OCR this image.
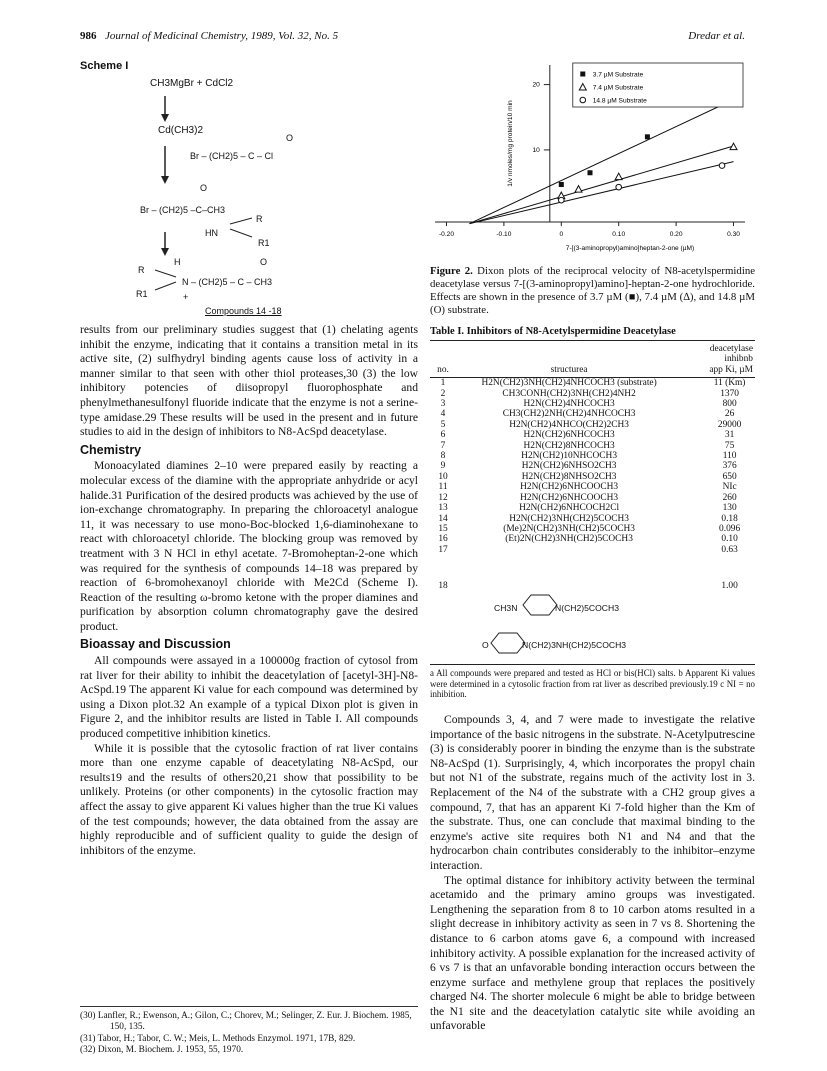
986 Journal of Medicinal Chemistry, 1989, Vol. 32, No. 5	Dredar et al.
Scheme I
CH3MgBr + CdCl2
Cd(CH3)2
O
Br – (CH2)5 – C – Cl
O
Br – (CH2)5 –C–CH3
R
HN
R1
H	O
R
N – (CH2)5 – C – CH3
R1	+
Compounds 14 -18

results from our preliminary studies suggest that (1) chelating agents inhibit the enzyme, indicating that it contains a transition metal in its active site, (2) sulfhydryl binding agents cause loss of activity in a manner similar to that seen with other thiol proteases,30 (3) the low inhibitory potencies of diisopropyl fluorophosphate and phenylmethanesulfonyl fluoride indicate that the enzyme is not a serine-type amidase.29 These results will be used in the present and in future studies to aid in the design of inhibitors to N8-AcSpd deacetylase.

Chemistry

Monoacylated diamines 2–10 were prepared easily by reacting a molecular excess of the diamine with the appropriate anhydride or acyl halide.31 Purification of the desired products was achieved by the use of ion-exchange chromatography. In preparing the chloroacetyl analogue 11, it was necessary to use mono-Boc-blocked 1,6-diaminohexane to react with chloroacetyl chloride. The blocking group was removed by treatment with 3 N HCl in ethyl acetate. 7-Bromoheptan-2-one which was required for the synthesis of compounds 14–18 was prepared by reaction of 6-bromohexanoyl chloride with Me2Cd (Scheme I). Reaction of the resulting ω-bromo ketone with the proper diamines and purification by absorption column chromatography gave the desired product.

Bioassay and Discussion

All compounds were assayed in a 100000g fraction of cytosol from rat liver for their ability to inhibit the deacetylation of [acetyl-3H]-N8-AcSpd.19 The apparent Ki value for each compound was determined by using a Dixon plot.32 An example of a typical Dixon plot is given in Figure 2, and the inhibitor results are listed in Table I. All compounds produced competitive inhibition kinetics.

While it is possible that the cytosolic fraction of rat liver contains more than one enzyme capable of deacetylating N8-AcSpd, our results19 and the results of others20,21 show that possibility to be unlikely. Proteins (or other components) in the cytosolic fraction may affect the assay to give apparent Ki values higher than the true Ki values of the test compounds; however, the data obtained from the assay are highly reproducible and of sufficient quality to guide the design of inhibitors of the enzyme.

(30) Lanfler, R.; Ewenson, A.; Gilon, C.; Chorev, M.; Selinger, Z. Eur. J. Biochem. 1985, 150, 135.
(31) Tabor, H.; Tabor, C. W.; Meis, L. Methods Enzymol. 1971, 17B, 829.
(32) Dixon, M. Biochem. J. 1953, 55, 1970.
-0.20	-0.10	0	0.10	0.20	0.30
10
20
1/v nmoles/mg protein/10 min
7-[(3-aminopropyl)amino]heptan-2-one (µM)
3.7 µM Substrate
7.4 µM Substrate
14.8 µM Substrate
Figure 2. Dixon plots of the reciprocal velocity of N8-acetylspermidine deacetylase versus 7-[(3-aminopropyl)amino]-heptan-2-one hydrochloride. Effects are shown in the presence of 3.7 µM (■), 7.4 µM (∆), and 14.8 µM (O) substrate.
Table I. Inhibitors of N8-Acetylspermidine Deacetylase
		deacetylase
		inhibnb
no.	structurea	app Ki, µM
1	H2N(CH2)3NH(CH2)4NHCOCH3 (substrate)	11 (Km)
2	CH3CONH(CH2)3NH(CH2)4NH2	1370
3	H2N(CH2)4NHCOCH3	800
4	CH3(CH2)2NH(CH2)4NHCOCH3	26
5	H2N(CH2)4NHCO(CH2)2CH3	29000
6	H2N(CH2)6NHCOCH3	31
7	H2N(CH2)8NHCOCH3	75
8	H2N(CH2)10NHCOCH3	110
9	H2N(CH2)6NHSO2CH3	376
10	H2N(CH2)8NHSO2CH3	650
11	H2N(CH2)6NHCOOCH3	NIc
12	H2N(CH2)6NHCOOCH3	260
13	H2N(CH2)6NHCOCH2Cl	130
14	H2N(CH2)3NH(CH2)5COCH3	0.18
15	(Me)2N(CH2)3NH(CH2)5COCH3	0.096
16	(Et)2N(CH2)3NH(CH2)5COCH3	0.10
17		0.63
18		1.00
CH3N	N(CH2)5COCH3
O	N(CH2)3NH(CH2)5COCH3
a All compounds were prepared and tested as HCl or bis(HCl) salts. b Apparent Ki values were determined in a cytosolic fraction from rat liver as described previously.19 c NI = no inhibition.

Compounds 3, 4, and 7 were made to investigate the relative importance of the basic nitrogens in the substrate. N-Acetylputrescine (3) is considerably poorer in binding the enzyme than is the substrate N8-AcSpd (1). Surprisingly, 4, which incorporates the propyl chain but not N1 of the substrate, regains much of the activity lost in 3. Replacement of the N4 of the substrate with a CH2 group gives a compound, 7, that has an apparent Ki 7-fold higher than the Km of the substrate. Thus, one can conclude that maximal binding to the enzyme's active site requires both N1 and N4 and that the hydrocarbon chain contributes considerably to the inhibitor–enzyme interaction.

The optimal distance for inhibitory activity between the terminal acetamido and the primary amino groups was investigated. Lengthening the separation from 8 to 10 carbon atoms resulted in a slight decrease in inhibitory activity as seen in 7 vs 8. Shortening the distance to 6 carbon atoms gave 6, a compound with increased inhibitory activity. A possible explanation for the increased activity of 6 vs 7 is that an unfavorable bonding interaction occurs between the enzyme surface and methylene group that replaces the positively charged N4. The shorter molecule 6 might be able to bridge between the N1 site and the deacetylation catalytic site while avoiding an unfavorable
